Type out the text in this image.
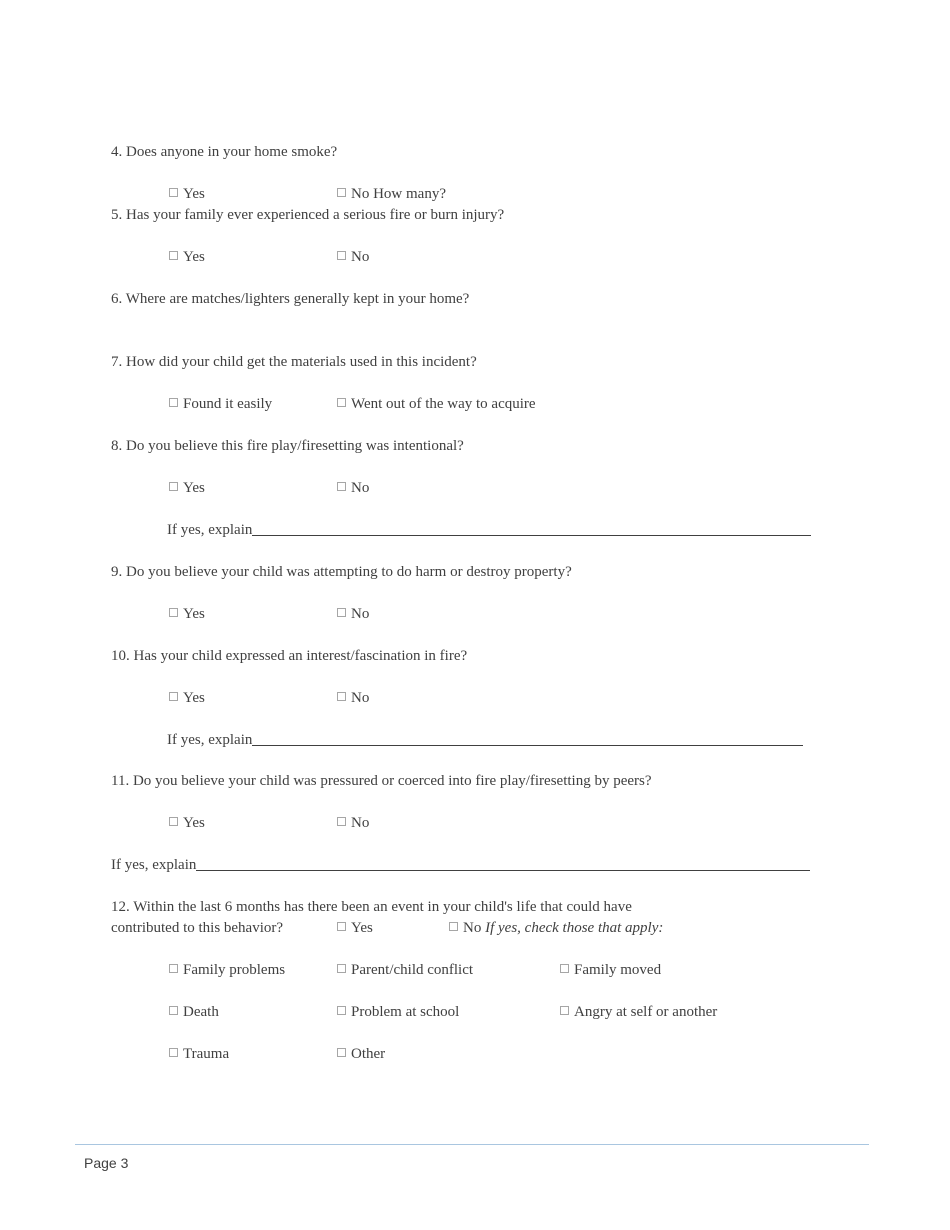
4. Does anyone in your home smoke?
Yes	No How many?
5. Has your family ever experienced a serious fire or burn injury?
Yes	No
6. Where are matches/lighters generally kept in your home?
7. How did your child get the materials used in this incident?
Found it easily	Went out of the way to acquire
8. Do you believe this fire play/firesetting was intentional?
Yes	No
If yes, explain
9. Do you believe your child was attempting to do harm or destroy property?
Yes	No
10. Has your child expressed an interest/fascination in fire?
Yes	No
If yes, explain
11. Do you believe your child was pressured or coerced into fire play/firesetting by peers?
Yes	No
If yes, explain
12. Within the last 6 months has there been an event in your child's life that could have
contributed to this behavior?	Yes	No If yes, check those that apply:
Family problems	Parent/child conflict	Family moved
Death	Problem at school	Angry at self or another
Trauma	Other
Page 3
